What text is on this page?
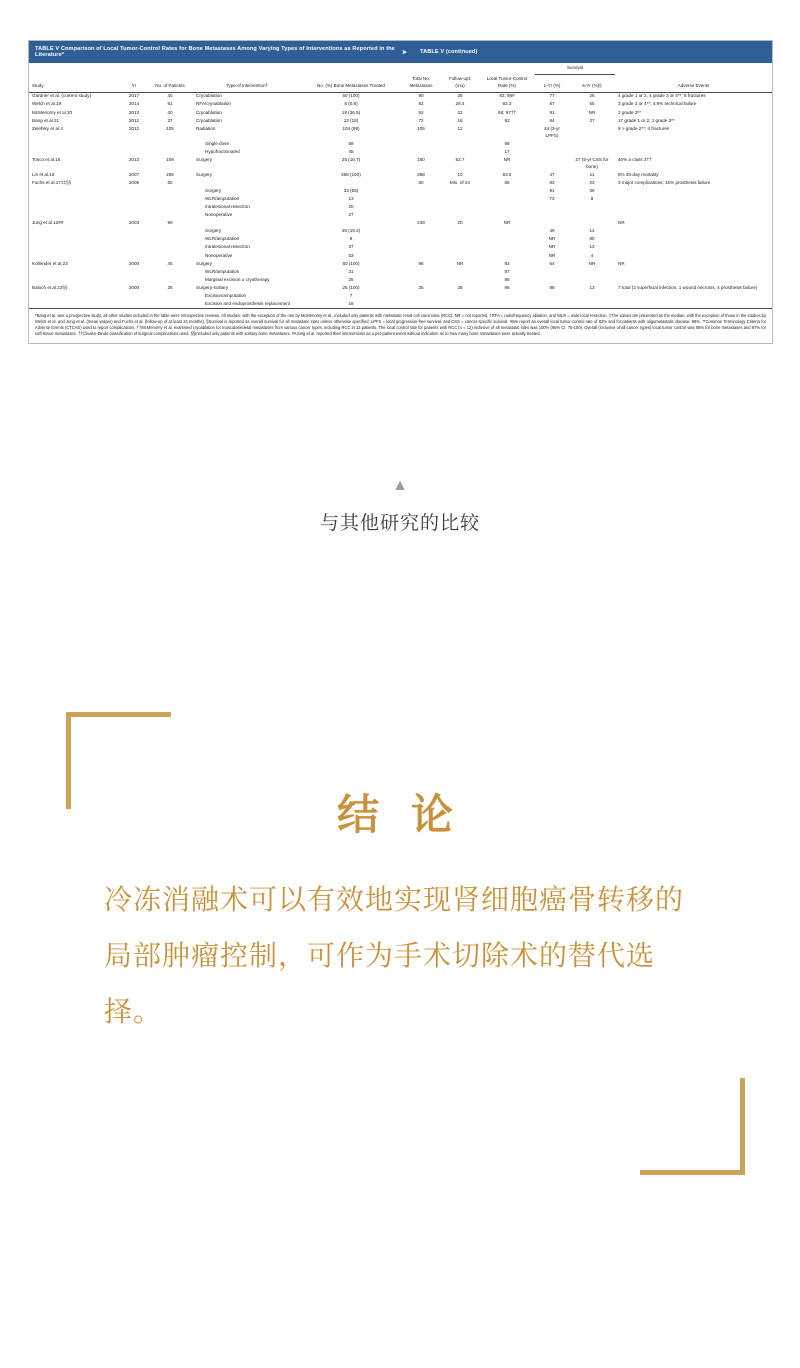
TABLE V Comparison of Local Tumor-Control Rates for Bone Metastases Among Varying Types of Interventions as Reported in the Literature*	➤	TABLE V (continued)
								Survival		
Study	Yr	No. of Patients	Type of Intervention†	No. (%) Bone Metastases Treated	Total No. Metastases	Follow-up‡ (mo)	Local Tumor-Control Rate (%)	1-Yr (%)	5-Yr (%)§	Adverse Events
Gardner et al. (current study)	2017	40	Cryoablation	50 (100)	90	35	82; 98#	77	26	4 grade 1 or 2, 4 grade 3 or 4**; 5 fractures
Welch et al.19	2014	61	RFA/cryoablation	8 (0.8)	82	28.4	92.3	87	55	3 grade 3 or 4**; 4.9% technical failure
McMenomy et al.20	2013	40	Cryoablation	19 (36.5)	52	22	68; 97††	91	NR	2 grade 3**
Bang et al.21	2012	27	Cryoablation	13 (18)	72	16	92	84	27	17 grade 1 or 2, 1 grade 3**
Zelefsky et al.4	2012	105	Radiation	104 (99)	105	12		44 (3-yr LPFS)		9 > grade 2**; 4 fractures
			Single dose	59			88			
			Hypofractionated	45			17			
Tosco et al.16	2013	109	Surgery	25 (16.7)	150	52.7	NR		27 (5-yr CSS for bone)	40% ≥ class 2††
Lin et al.18	2007	295	Surgery	368 (100)	368	10	93.6	47	11	5% 30-day mortality
Fuchs et al.17‡‡§§	2005	60			60	Min. of 24	85	83	23	3 major complications; 15% prosthesis failure
			Surgery	33 (55)				91	36	
			WLR/amputation	13				73	8	
			Intralesional resection	20						
			Nonoperative	27						
Jung et al.12##	2003	99			239	20	NR			NR
			Surgery	46 (19.2)				49	14	
			WLR/amputation	9				NR	80	
			Intralesional resection	37				NR	13	
			Nonoperative	53				NR	4	
Kollender et al.23	2000	45	Surgery	50 (100)	96	NR	93	64	NR	NR
			WLR/amputation	31			97			
			Marginal excision ± cryotherapy	25			88			
Baloch et al.22§§	2000	25	Surgery-solitary	25 (100)	25	28	96	88	13	7 total (2 superficial infection, 1 wound necrosis, 4 prosthesis failure)
			Excision/amputation	7						
			Excision and endoprosthesis replacement	18						
*Bang et al. was a prospective study; all other studies included in the table were retrospective reviews. All studies, with the exception of the one by McMenomy et al., included only patients with metastatic renal cell carcinoma (RCC). NR = not reported, †RFA = radiofrequency ablation, and WLR = wide local resection. ‡The values are presented as the median, with the exception of those in the studies by Welch et al. and Jung et al. (mean values) and Fuchs et al. (follow-up of at least 24 months). §Survival is reported as overall survival for all metastatic sites unless otherwise specified; LPFS = local progression-free survival, and CSS = cancer-specific survival. #We report an overall local tumor-control rate of 82% and for patients with oligometastatic disease, 98%. **Common Terminology Criteria for Adverse Events (CTCAE) used to report complications. ††McMenomy et al. examined cryoablation for musculoskeletal metastases from various cancer types, including RCC in 12 patients. The local control rate for patients with RCC (n = 12) inclusive of all metastatic sites was 100% (95% CI, 76-100). Overall (inclusive of all cancer types) local tumor control was 68% for bone metastases and 97% for soft-tissue metastases. ††Clavien-Dindo classification of surgical complications used. §§Included only patients with solitary bone metastases. ##Jung et al. reported their interventions as a per-patient event without indication as to how many bone metastases were actually treated.
▲
与其他研究的比较
结 论
冷冻消融术可以有效地实现肾细胞癌骨转移的局部肿瘤控制，可作为手术切除术的替代选择。
